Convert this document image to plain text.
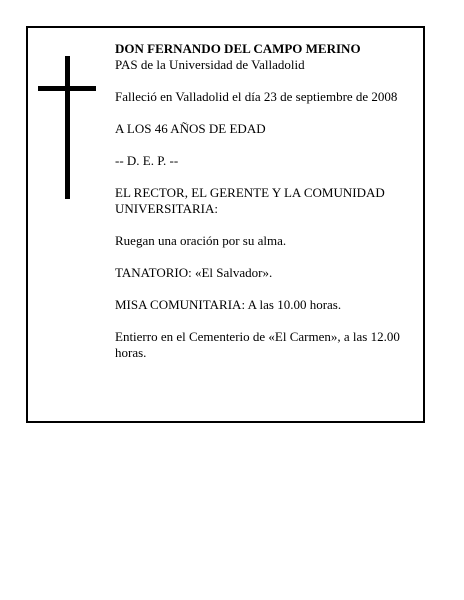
DON FERNANDO DEL CAMPO MERINO

PAS de la Universidad de Valladolid

Falleció en Valladolid el día 23 de septiembre de 2008

A LOS 46 AÑOS DE EDAD

-- D. E. P. --

EL RECTOR, EL GERENTE Y LA COMUNIDAD UNIVERSITARIA:

Ruegan una oración por su alma.

TANATORIO: «El Salvador».

MISA COMUNITARIA: A las 10.00 horas.

Entierro en el Cementerio de «El Carmen», a las 12.00 horas.
